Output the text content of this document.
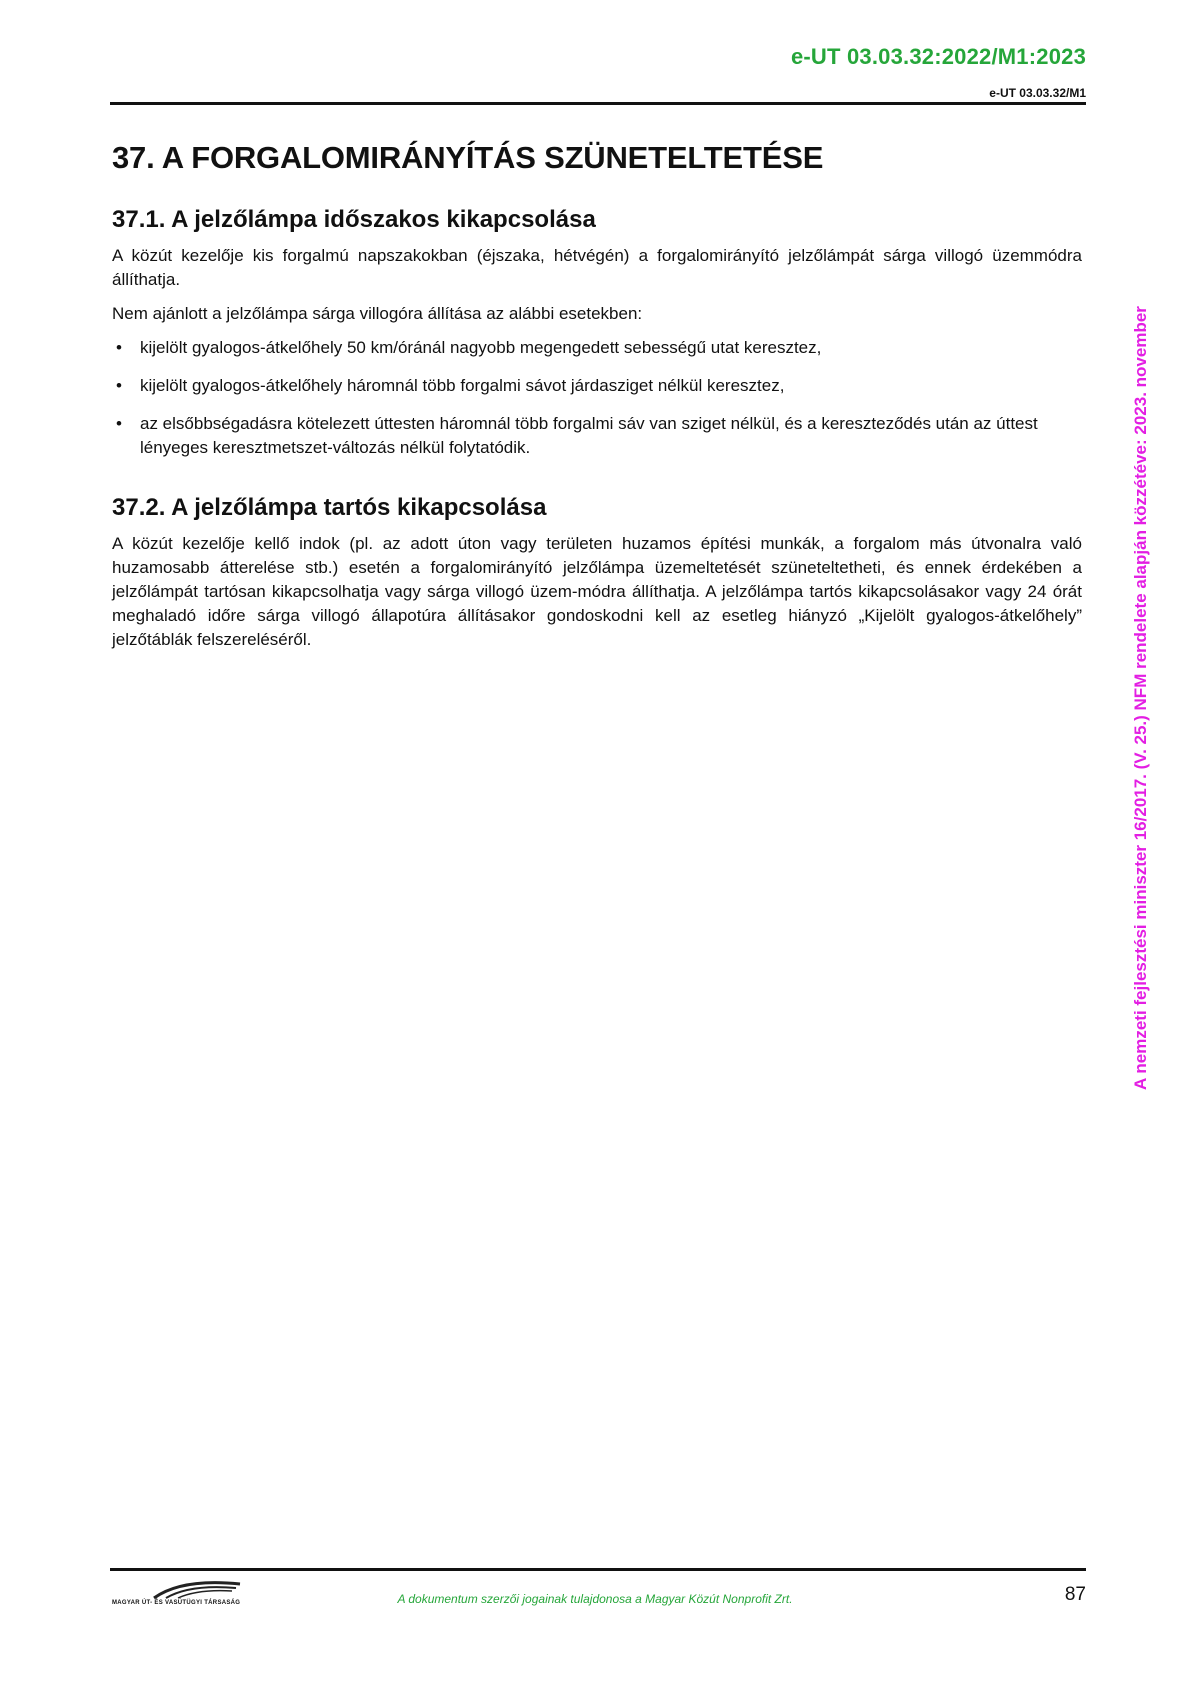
e-UT 03.03.32:2022/M1:2023
e-UT 03.03.32/M1
A nemzeti fejlesztési miniszter 16/2017. (V. 25.) NFM rendelete alapján közzétéve: 2023. november
37. A FORGALOMIRÁNYÍTÁS SZÜNETELTETÉSE
37.1. A jelzőlámpa időszakos kikapcsolása

A közút kezelője kis forgalmú napszakokban (éjszaka, hétvégén) a forgalomirányító jelzőlámpát sárga villogó üzemmódra állíthatja.

Nem ajánlott a jelzőlámpa sárga villogóra állítása az alábbi esetekben:

• kijelölt gyalogos-átkelőhely 50 km/óránál nagyobb megengedett sebességű utat keresztez,
• kijelölt gyalogos-átkelőhely háromnál több forgalmi sávot járdasziget nélkül keresztez,
• az elsőbbségadásra kötelezett úttesten háromnál több forgalmi sáv van sziget nélkül, és a kereszteződés után az úttest lényeges keresztmetszet-változás nélkül folytatódik.
37.2. A jelzőlámpa tartós kikapcsolása

A közút kezelője kellő indok (pl. az adott úton vagy területen huzamos építési munkák, a forgalom más útvonalra való huzamosabb átterelése stb.) esetén a forgalomirányító jelzőlámpa üzemeltetését szüneteltetheti, és ennek érdekében a jelzőlámpát tartósan kikapcsolhatja vagy sárga villogó üzem-módra állíthatja. A jelzőlámpa tartós kikapcsolásakor vagy 24 órát meghaladó időre sárga villogó állapotúra állításakor gondoskodni kell az esetleg hiányzó „Kijelölt gyalogos-átkelőhely” jelzőtáblák felszereléséről.

MAGYAR ÚT- ÉS VASÚTÜGYI TÁRSASÁG	A dokumentum szerzői jogainak tulajdonosa a Magyar Közút Nonprofit Zrt.	87
